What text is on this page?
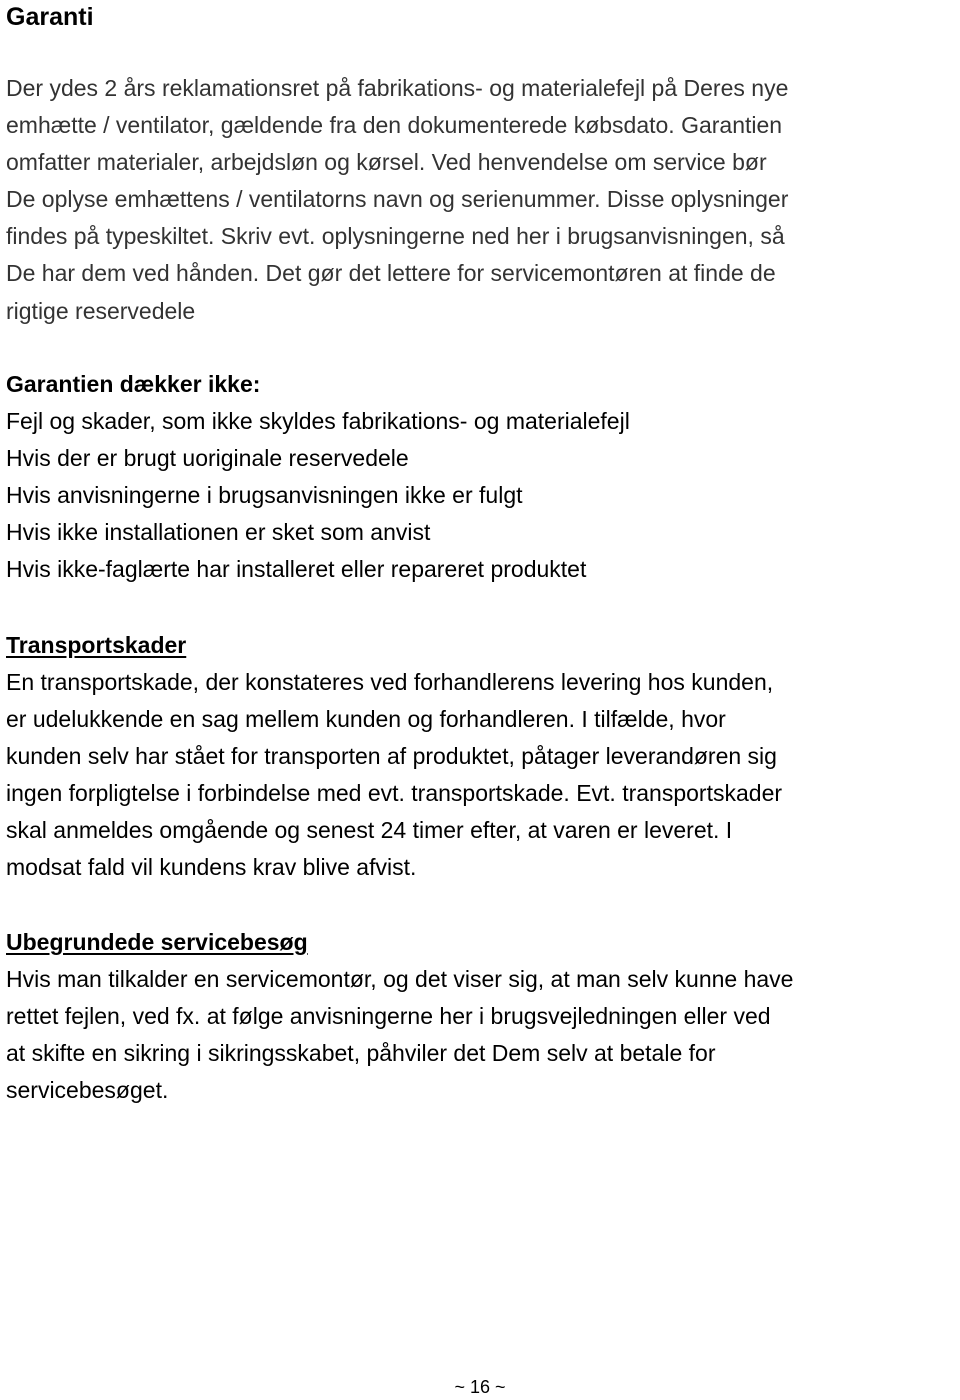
Garanti
Der ydes 2 års reklamationsret på fabrikations- og materialefejl på Deres nye
emhætte / ventilator, gældende fra den dokumenterede købsdato. Garantien
omfatter materialer, arbejdsløn og kørsel. Ved henvendelse om service bør
De oplyse emhættens / ventilatorns navn og serienummer. Disse oplysninger
findes på typeskiltet. Skriv evt. oplysningerne ned her i brugsanvisningen, så
De har dem ved hånden. Det gør det lettere for servicemontøren at finde de
rigtige reservedele
Garantien dækker ikke:
Fejl og skader, som ikke skyldes fabrikations- og materialefejl
Hvis der er brugt uoriginale reservedele
Hvis anvisningerne i brugsanvisningen ikke er fulgt
Hvis ikke installationen er sket som anvist
Hvis ikke-faglærte har installeret eller repareret produktet
Transportskader
En transportskade, der konstateres ved forhandlerens levering hos kunden,
er udelukkende en sag mellem kunden og forhandleren. I tilfælde, hvor
kunden selv har stået for transporten af produktet, påtager leverandøren sig
ingen forpligtelse i forbindelse med evt. transportskade. Evt. transportskader
skal anmeldes omgående og senest 24 timer efter, at varen er leveret. I
modsat fald vil kundens krav blive afvist.
Ubegrundede servicebesøg
Hvis man tilkalder en servicemontør, og det viser sig, at man selv kunne have
rettet fejlen, ved fx. at følge anvisningerne her i brugsvejledningen eller ved
at skifte en sikring i sikringsskabet, påhviler det Dem selv at betale for
servicebesøget.
~ 16 ~
